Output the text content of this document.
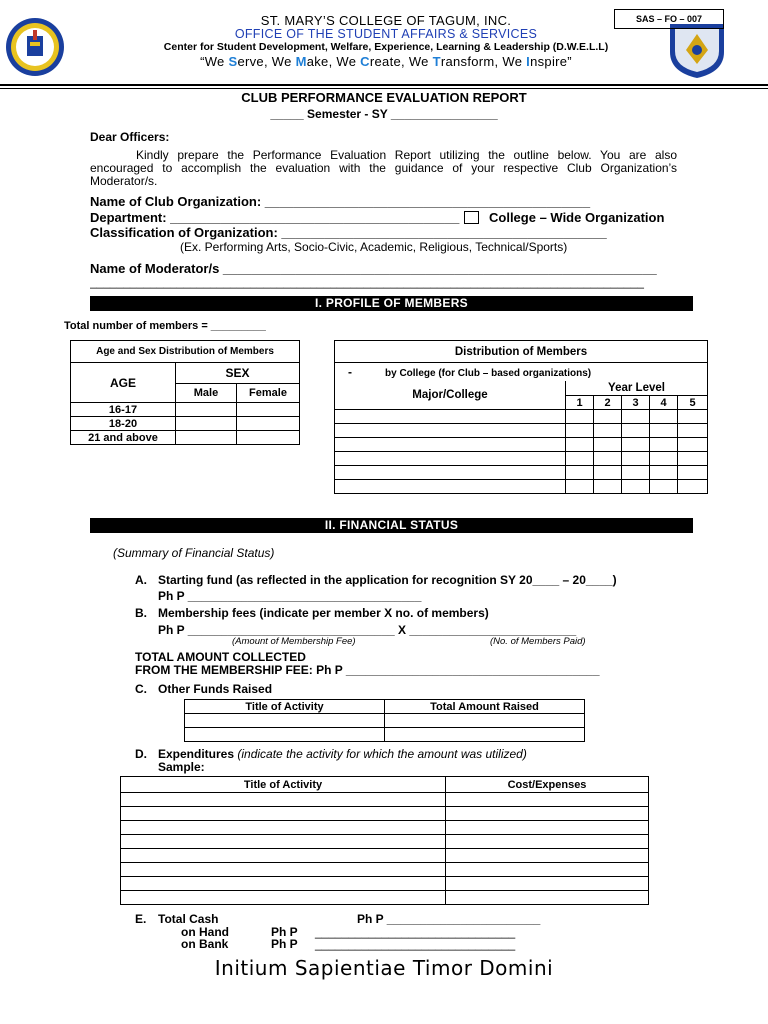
SAS – FO – 007
ST. MARY’S COLLEGE OF TAGUM, INC.
OFFICE OF THE STUDENT AFFAIRS & SERVICES
Center for Student Development, Welfare, Experience, Learning & Leadership (D.W.E.L.L)
“We Serve, We Make, We Create, We Transform, We Inspire”
CLUB PERFORMANCE EVALUATION REPORT
_____ Semester - SY ________________
Dear Officers:
Kindly prepare the Performance Evaluation Report utilizing the outline below. You are also encouraged to accomplish the evaluation with the guidance of your respective Club Organization’s Moderator/s.
Name of Club Organization: _____________________________________________
Department: ________________________________________ College – Wide Organization
Classification of Organization: _____________________________________________
(Ex. Performing Arts, Socio-Civic, Academic, Religious, Technical/Sports)
Name of Moderator/s ____________________________________________________________
___________________________________________________________________________________
I. PROFILE OF MEMBERS
Total number of members = _________
Age and Sex Distribution of Members		
AGE	SEX	
	Male	Female
16-17		
18-20		
21 and above		
Distribution of Members					
- by College (for Club – based organizations)					
Major/College	Year Level				
	1	2	3	4	5

II. FINANCIAL STATUS
(Summary of Financial Status)
A. Starting fund (as reflected in the application for recognition SY 20____ – 20____)
Ph P ___________________________________
B. Membership fees (indicate per member X no. of members)
Ph P _______________________________ X _________________________
(Amount of Membership Fee)	(No. of Members Paid)
TOTAL AMOUNT COLLECTED
FROM THE MEMBERSHIP FEE: Ph P ______________________________________
C. Other Funds Raised
Title of Activity	Total Amount Raised

D. Expenditures (indicate the activity for which the amount was utilized)
Sample:
Title of Activity	Cost/Expenses

E. Total Cash	Ph P _______________________
on Hand	Ph P ______________________________
on Bank	Ph P ______________________________
Initium Sapientiae Timor Domini
